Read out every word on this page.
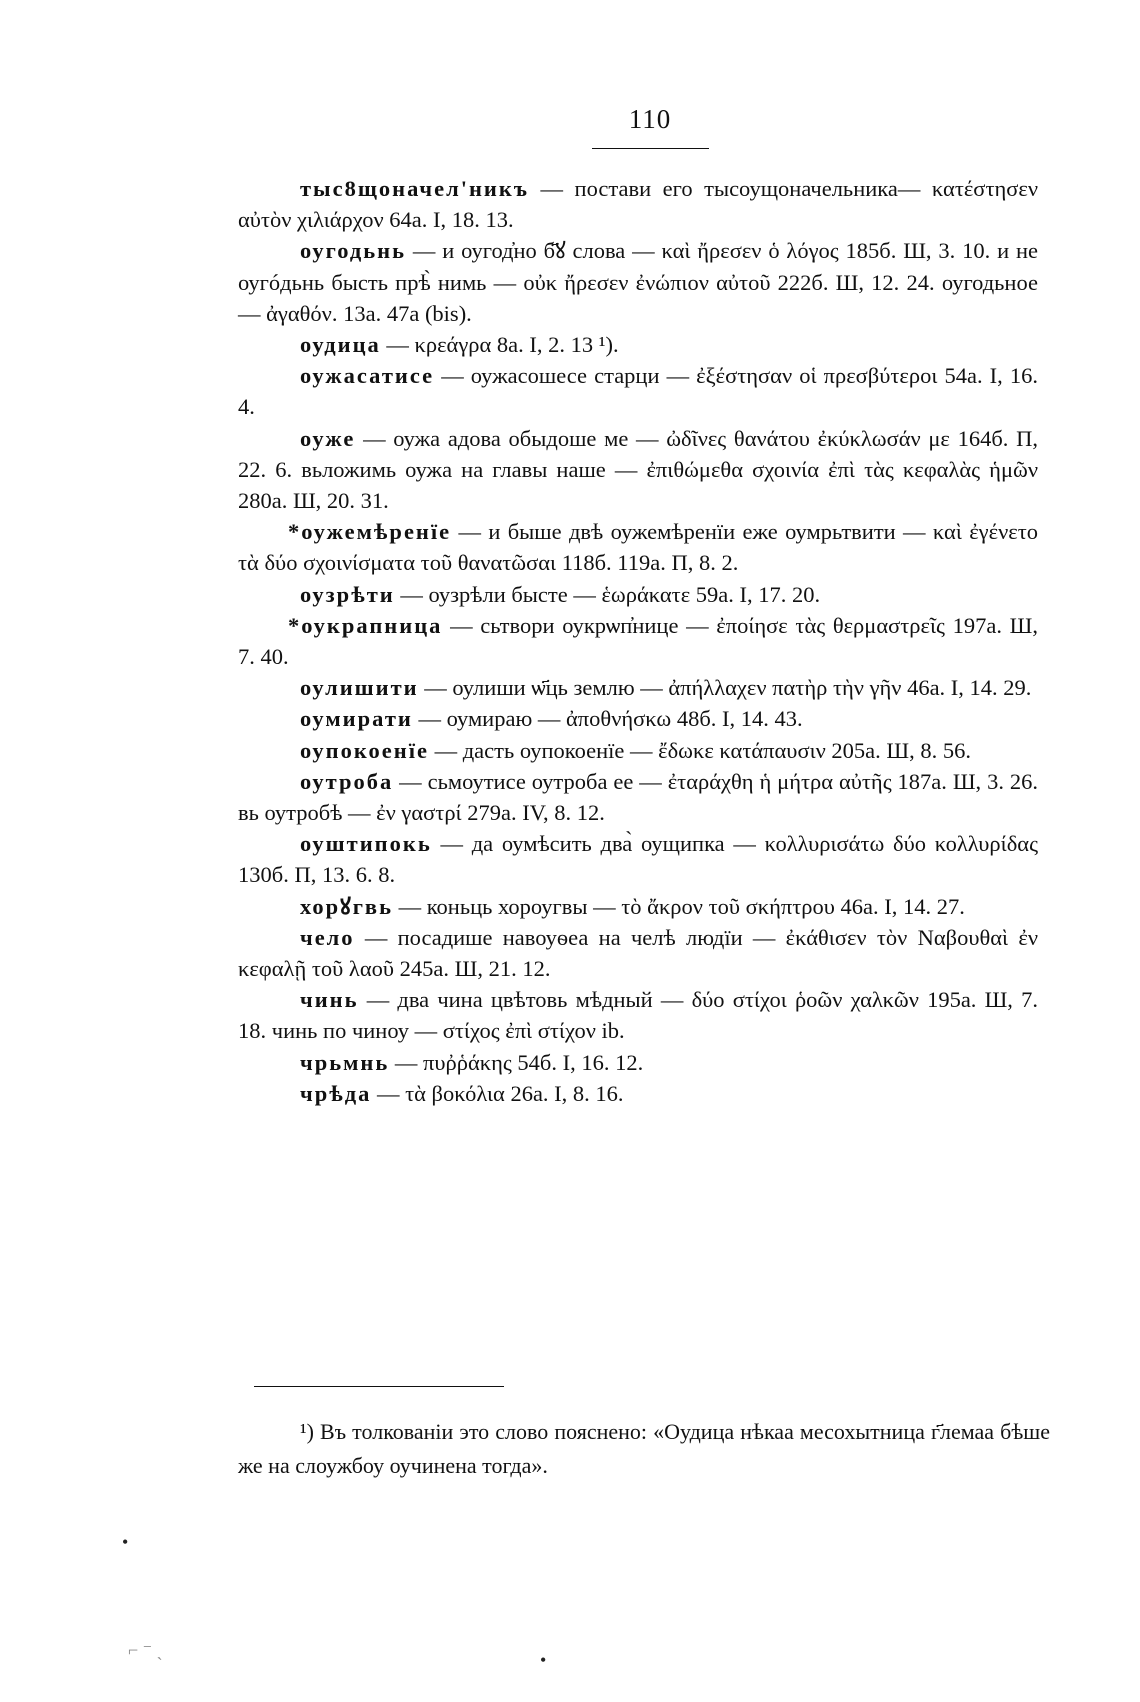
110

тыс8щоначел'никъ — постави его тысоущоначельника— κατέστησεν αὐτὸν χιλιάρχον 64а. I, 18. 13.

оугодьнь — и оугод̓но б҃ꙋ слова — καὶ ἤρεσεν ὁ λόγος 185б. Ш, 3. 10. и не оугóдьнь бысть прѣ̀ нимь — οὐκ ἤρεσεν ἐνώπιον αὐτοῦ 222б. Ш, 12. 24. оугодьное — ἀγαθόν. 13а. 47а (bis).

оудица — κρεάγρα 8а. I, 2. 13 ¹).

оужасатисе — оужасошесе старци — ἐξέστησαν οἱ πρεσβύτεροι 54а. I, 16. 4.

оуже — оужа адова обыдоше ме — ὠδῖνες θανάτου ἐκύκλωσάν με 164б. П, 22. 6. вьложимь оужа на главы наше — ἐπιθώμεθα σχοινία ἐπὶ τὰς κεφαλὰς ἡμῶν 280а. Ш, 20. 31.

*оужемѣренїе — и быше двѣ оужемѣренїи еже оумрьтвити — καὶ ἐγένετο τὰ δύο σχοινίσματα τοῦ θανατῶσαι 118б. 119а. П, 8. 2.

оузрѣти — оузрѣли бысте — ἑωράκατε 59а. I, 17. 20.

*оукрапница — сьтвори оукрѡп̓нице — ἐποίησε τὰς θερμαστρεῖς 197а. Ш, 7. 40.

оулишити — оулиши ѡ҃ць землю — ἀπήλλαχεν πατὴρ τὴν γῆν 46а. I, 14. 29.

оумирати — оумираю — ἀποθνήσκω 48б. I, 14. 43.

оупокоенїе — дасть оупокоенїе — ἔδωκε κατάπαυσιν 205а. Ш, 8. 56.

оутроба — сьмоутисе оутроба ее — ἐταράχθη ἡ μήτρα αὐτῆς 187а. Ш, 3. 26. вь оутробѣ — ἐν γαστρί 279а. IV, 8. 12.

оуштипокь — да оумѣсить два̀ оущипка — κολλυρισάτω δύο κολλυρίδας 130б. П, 13. 6. 8.

хорꙋгвь — коньць хороугвы — τὸ ἄκρον τοῦ σκήπτρου 46а. I, 14. 27.

чело — посадише навоуѳеа на челѣ людїи — ἐκάθισεν τὸν Ναβουθαὶ ἐν κεφαλῇ τοῦ λαοῦ 245а. Ш, 21. 12.

чинь — два чина цвѣтовь мѣдный — δύο στίχοι ῥοῶν χαλκῶν 195а. Ш, 7. 18. чинь по чиноу — στίχος ἐπὶ στίχον ib.

чрьмнь — πυῤῥάκης 54б. I, 16. 12.

чрѣда — τὰ βοκόλια 26а. I, 8. 16.

¹) Въ толкованіи это слово пояснено: «Оудица нѣкаа месохытница г҃лемаа бѣше же на слоужбоу оучинена тогда».

•
•
⌐ ⁻ ˎ
